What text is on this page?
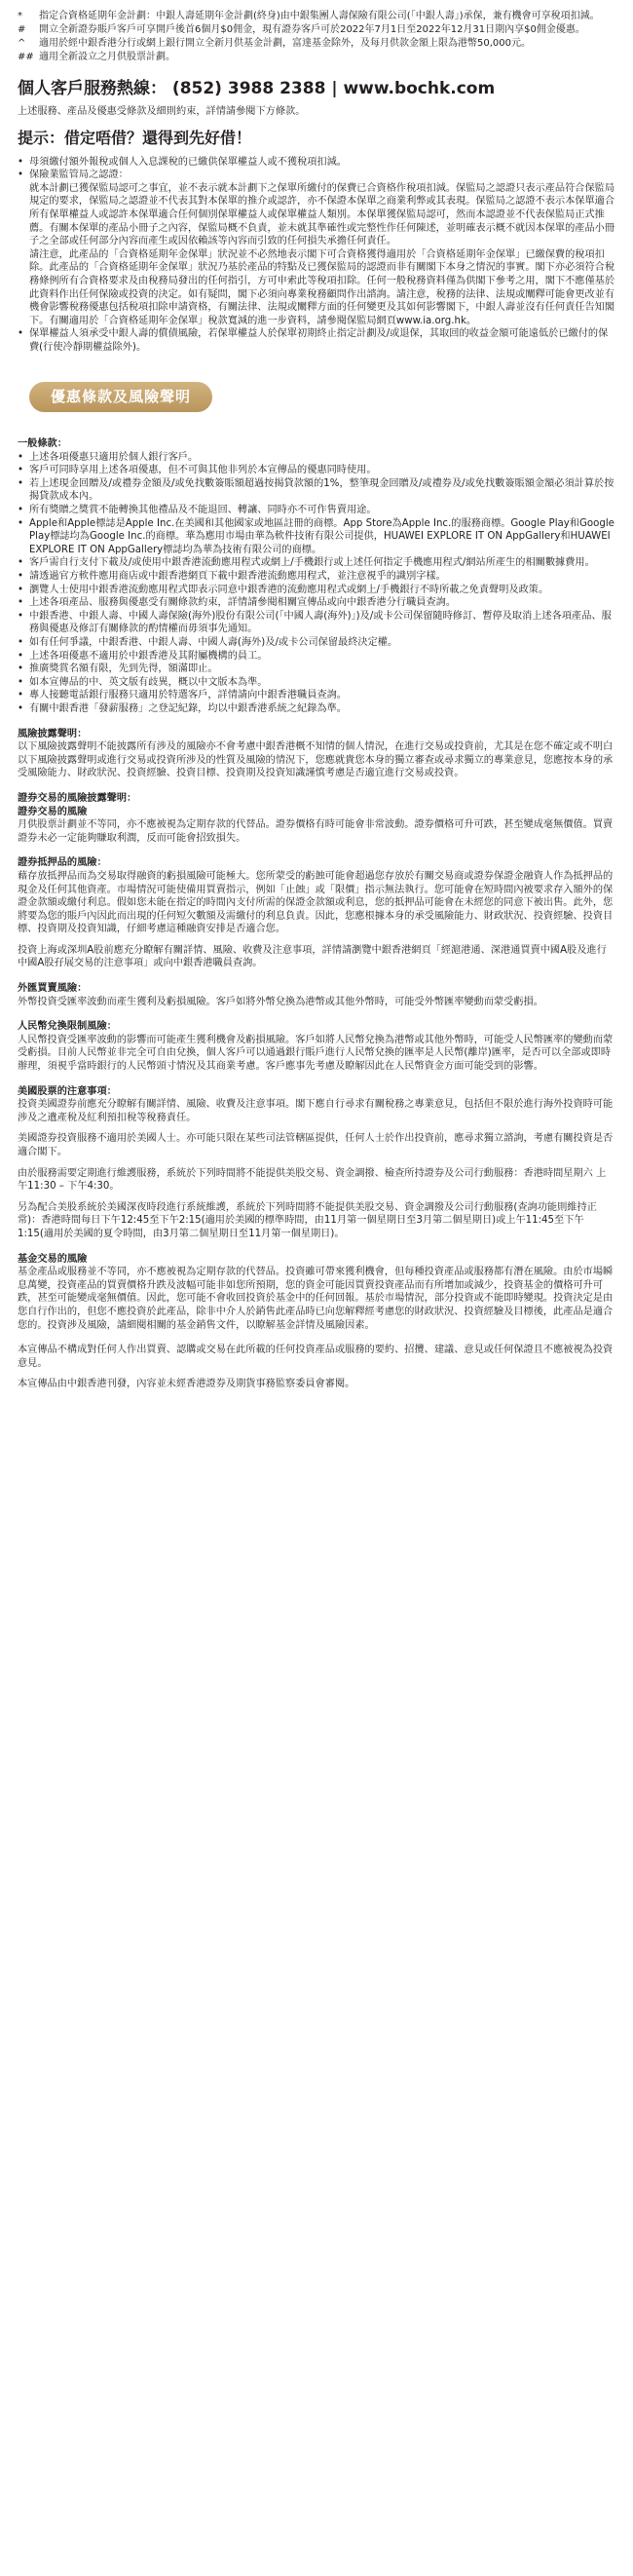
*	指定合資格延期年金計劃：中銀人壽延期年金計劃(終身)由中銀集團人壽保險有限公司(「中銀人壽」)承保，兼有機會可享稅項扣減。
#	開立全新證券賬戶客戶可享開戶後首6個月$0佣金，現有證券客戶可於2022年7月1日至2022年12月31日期內享$0佣金優惠。
^	適用於經中銀香港分行或網上銀行開立全新月供基金計劃，富達基金除外，及每月供款金額上限為港幣50,000元。
## 適用全新設立之月供股票計劃。
個人客戶服務熱線： (852) 3988 2388 | www.bochk.com
上述服務、產品及優惠受條款及細則約束，詳情請參閱下方條款。
提示：借定唔借？還得到先好借！
• 母須繳付額外報稅或個人入息課稅的已繳供保單權益人或不獲稅項扣減。
• 保險業監管局之認證：
就本計劃已獲保監局認可之事宜，並不表示就本計劃下之保單所繳付的保費已合資格作稅項扣減。保監局之認證只表示產品符合保監局規定的要求，保監局之認證並不代表其對本保單的推介或認許，亦不保證本保單之商業利弊或其表現。保監局之認證不表示本保單適合所有保單權益人或認許本保單適合任何個別保單權益人或保單權益人類別。本保單獲保監局認可，然而本認證並不代表保監局正式推薦。有關本保單的產品小冊子之內容，保監局概不負責，並未就其準確性或完整性作任何陳述，並明確表示概不就因本保單的產品小冊子之全部或任何部分內容而產生或因依賴該等內容而引致的任何損失承擔任何責任。
請注意，此產品的「合資格延期年金保單」狀況並不必然地表示閣下可合資格獲得適用於「合資格延期年金保單」已繳保費的稅項扣除。此產品的「合資格延期年金保單」狀況乃基於產品的特點及已獲保監局的認證而非有關閣下本身之情況的事實。閣下亦必須符合稅務條例所有合資格要求及由稅務局發出的任何指引，方可申索此等稅項扣除。任何一般稅務資料僅為供閣下參考之用，閣下不應僅基於此資料作出任何保險或投資的決定。如有疑問，閣下必須向專業稅務顧問作出諮詢。請注意，稅務的法律、法規或闡釋可能會更改並有機會影響稅務優惠包括稅項扣除申請資格，有關法律、法規或闡釋方面的任何變更及其如何影響閣下，中銀人壽並沒有任何責任告知閣下。有關適用於「合資格延期年金保單」稅款寬減的進一步資料，請參閱保監局網頁www.ia.org.hk。
• 保單權益人須承受中銀人壽的償債風險，若保單權益人於保單初期終止指定計劃及/或退保，其取回的收益金額可能遠低於已繳付的保費(行使冷靜期權益除外)。
優惠條款及風險聲明
一般條款：
• 上述各項優惠只適用於個人銀行客戶。
• 客戶可同時享用上述各項優惠，但不可與其他非列於本宣傳品的優惠同時使用。
• 若上述現金回贈及/或禮券金額及/或免找數簽賬額超過按揭貸款額的1%，整筆現金回贈及/或禮券及/或免找數簽賬額金額必須計算於按揭貸款成本內。
• 所有獎贈之獎賞不能轉換其他禮品及不能退回、轉讓、同時亦不可作售賣用途。
• Apple和Apple標誌是Apple Inc.在美國和其他國家或地區註冊的商標。App Store為Apple Inc.的服務商標。Google Play和Google Play標誌均為Google Inc.的商標。華為應用市場由華為軟件技術有限公司提供，HUAWEI EXPLORE IT ON AppGallery和HUAWEI EXPLORE IT ON AppGallery標誌均為華為技術有限公司的商標。
• 客戶需自行支付下載及/或使用中銀香港流動應用程式或網上/手機銀行或上述任何指定手機應用程式/網站所產生的相關數據費用。
• 請透過官方軟件應用商店或中銀香港網頁下載中銀香港流動應用程式，並注意視乎的識別字樣。
• 瀏覽人士使用中銀香港流動應用程式即表示同意中銀香港的流動應用程式或網上/手機銀行不時所載之免責聲明及政策。
• 上述各項產品、服務與優惠受有關條款約束，詳情請參閱相關宣傳品或向中銀香港分行職員查詢。
• 中銀香港、中銀人壽、中國人壽保險(海外)股份有限公司(「中國人壽(海外)」)及/或卡公司保留隨時修訂、暫停及取消上述各項產品、服務與優惠及修訂有關條款的酌情權而毋須事先通知。
• 如有任何爭議，中銀香港、中銀人壽、中國人壽(海外)及/或卡公司保留最終決定權。
• 上述各項優惠不適用於中銀香港及其附屬機構的員工。
• 推廣獎賞名額有限，先到先得，額滿即止。
• 如本宣傳品的中、英文版有歧異，概以中文版本為準。
• 專人接聽電話銀行服務只適用於特選客戶，詳情請向中銀香港職員查詢。
• 有關中銀香港「發薪服務」之登記紀錄，均以中銀香港系統之紀錄為準。
風險披露聲明：
以下風險披露聲明不能披露所有涉及的風險亦不會考慮中銀香港概不知情的個人情況，在進行交易或投資前，尤其是在您不確定或不明白以下風險披露聲明或進行交易或投資所涉及的性質及風險的情況下，您應就貴您本身的獨立審查或尋求獨立的專業意見，您應按本身的承受風險能力、財政狀況、投資經驗、投資目標、投資期及投資知識謹慎考慮是否適宜進行交易或投資。
證券交易的風險披露聲明：
證券交易的風險
月供股票計劃並不等同，亦不應被視為定期存款的代替品。證券價格有時可能會非常波動。證券價格可升可跌，甚至變成毫無價值。買賣證券未必一定能夠賺取利潤，反而可能會招致損失。
證券抵押品的風險：
藉存放抵押品而為交易取得融資的虧損風險可能極大。您所蒙受的虧蝕可能會超過您存放於有關交易商或證券保證金融資人作為抵押品的現金及任何其他資產。市場情況可能使備用買賣指示，例如「止蝕」或「限價」指示無法執行。您可能會在短時間內被要求存入額外的保證金款額或繳付利息。假如您未能在指定的時間內支付所需的保證金款額或利息，您的抵押品可能會在未經您的同意下被出售。此外，您將要為您的賬戶內因此而出現的任何短欠數額及需繳付的利息負責。因此，您應根據本身的承受風險能力、財政狀況、投資經驗、投資目標、投資期及投資知識，仔細考慮這種融資安排是否適合您。
投資上海或深圳A股前應充分瞭解有關詳情、風險、收費及注意事項，詳情請瀏覽中銀香港網頁「經滬港通、深港通買賣中國A股及進行中國A股孖展交易的注意事項」或向中銀香港職員查詢。
外匯買賣風險：
外幣投資受匯率波動而產生獲利及虧損風險。客戶如將外幣兌換為港幣或其他外幣時，可能受外幣匯率變動而蒙受虧損。
人民幣兌換限制風險：
人民幣投資受匯率波動的影響而可能產生獲利機會及虧損風險。客戶如將人民幣兌換為港幣或其他外幣時，可能受人民幣匯率的變動而蒙受虧損。目前人民幣並非完全可自由兌換，個人客戶可以通過銀行賬戶進行人民幣兌換的匯率是人民幣(離岸)匯率，是否可以全部或即時辦理，須視乎當時銀行的人民幣頭寸情況及其商業考慮。客戶應事先考慮及瞭解因此在人民幣資金方面可能受到的影響。
美國股票的注意事項：
投資美國證券前應充分瞭解有關詳情、風險、收費及注意事項。閣下應自行尋求有關稅務之專業意見，包括但不限於進行海外投資時可能涉及之遺產稅及紅利預扣稅等稅務責任。
美國證券投資服務不適用於美國人士。亦可能只限在某些司法管轄區提供，任何人士於作出投資前，應尋求獨立諮詢，考慮有關投資是否適合閣下。
由於服務需要定期進行維護服務，系統於下列時間將不能提供美股交易、資金調撥、檢查所持證券及公司行動服務：香港時間星期六 上午11:30 – 下午4:30。
另為配合美股系統於美國深夜時段進行系統維護，系統於下列時間將不能提供美股交易、資金調撥及公司行動服務(查詢功能則維持正常)：香港時間每日下午12:45至下午2:15(適用於美國的標準時間，由11月第一個星期日至3月第二個星期日)或上午11:45至下午1:15(適用於美國的夏令時間，由3月第二個星期日至11月第一個星期日)。
基金交易的風險
基金產品或服務並不等同，亦不應被視為定期存款的代替品。投資雖可帶來獲利機會，但每種投資產品或服務都有潛在風險。由於市場瞬息萬變，投資產品的買賣價格升跌及波幅可能非如您所預期，您的資金可能因買賣投資產品而有所增加或減少，投資基金的價格可升可跌，甚至可能變成毫無價值。因此，您可能不會收回投資於基金中的任何回報。基於市場情況，部分投資或不能即時變現。投資決定是由您自行作出的，但您不應投資於此產品，除非中介人於銷售此產品時已向您解釋經考慮您的財政狀況、投資經驗及目標後，此產品是適合您的。投資涉及風險，請細閱相關的基金銷售文件，以瞭解基金詳情及風險因素。
本宣傳品不構成對任何人作出買賣、認購或交易在此所載的任何投資產品或服務的要約、招攬、建議、意見或任何保證且不應被視為投資意見。
本宣傳品由中銀香港刊發，內容並未經香港證券及期貨事務監察委員會審閱。
